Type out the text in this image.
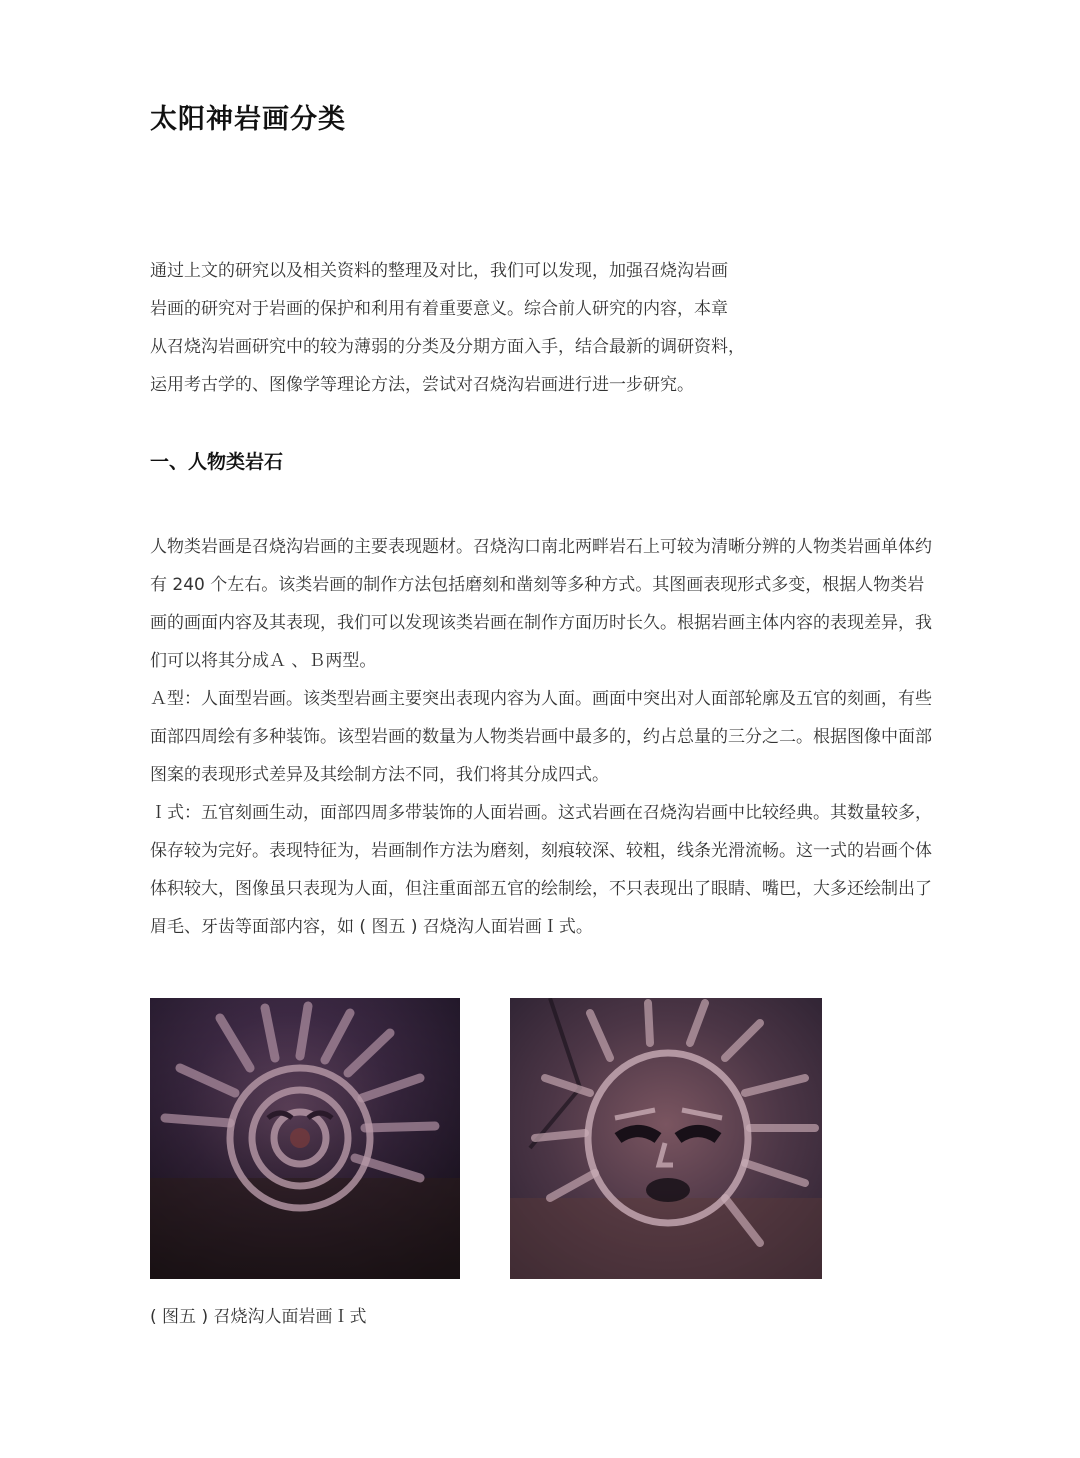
太阳神岩画分类
通过上文的研究以及相关资料的整理及对比，我们可以发现，加强召烧沟岩画
岩画的研究对于岩画的保护和利用有着重要意义。综合前人研究的内容，本章
从召烧沟岩画研究中的较为薄弱的分类及分期方面入手，结合最新的调研资料，
运用考古学的、图像学等理论方法，尝试对召烧沟岩画进行进一步研究。
一、人物类岩石
人物类岩画是召烧沟岩画的主要表现题材。召烧沟口南北两畔岩石上可较为清晰分辨的人物类岩画单体约
有 240 个左右。该类岩画的制作方法包括磨刻和凿刻等多种方式。其图画表现形式多变，根据人物类岩
画的画面内容及其表现，我们可以发现该类岩画在制作方面历时长久。根据岩画主体内容的表现差异，我
们可以将其分成Ａ 、Ｂ两型。
Ａ型：人面型岩画。该类型岩画主要突出表现内容为人面。画面中突出对人面部轮廓及五官的刻画，有些
面部四周绘有多种装饰。该型岩画的数量为人物类岩画中最多的，约占总量的三分之二。根据图像中面部
图案的表现形式差异及其绘制方法不同，我们将其分成四式。
Ｉ式：五官刻画生动，面部四周多带装饰的人面岩画。这式岩画在召烧沟岩画中比较经典。其数量较多，
保存较为完好。表现特征为，岩画制作方法为磨刻，刻痕较深、较粗，线条光滑流畅。这一式的岩画个体
体积较大，图像虽只表现为人面，但注重面部五官的绘制绘，不只表现出了眼睛、嘴巴，大多还绘制出了
眉毛、牙齿等面部内容，如 ( 图五 ) 召烧沟人面岩画Ｉ式。
( 图五 ) 召烧沟人面岩画Ｉ式
